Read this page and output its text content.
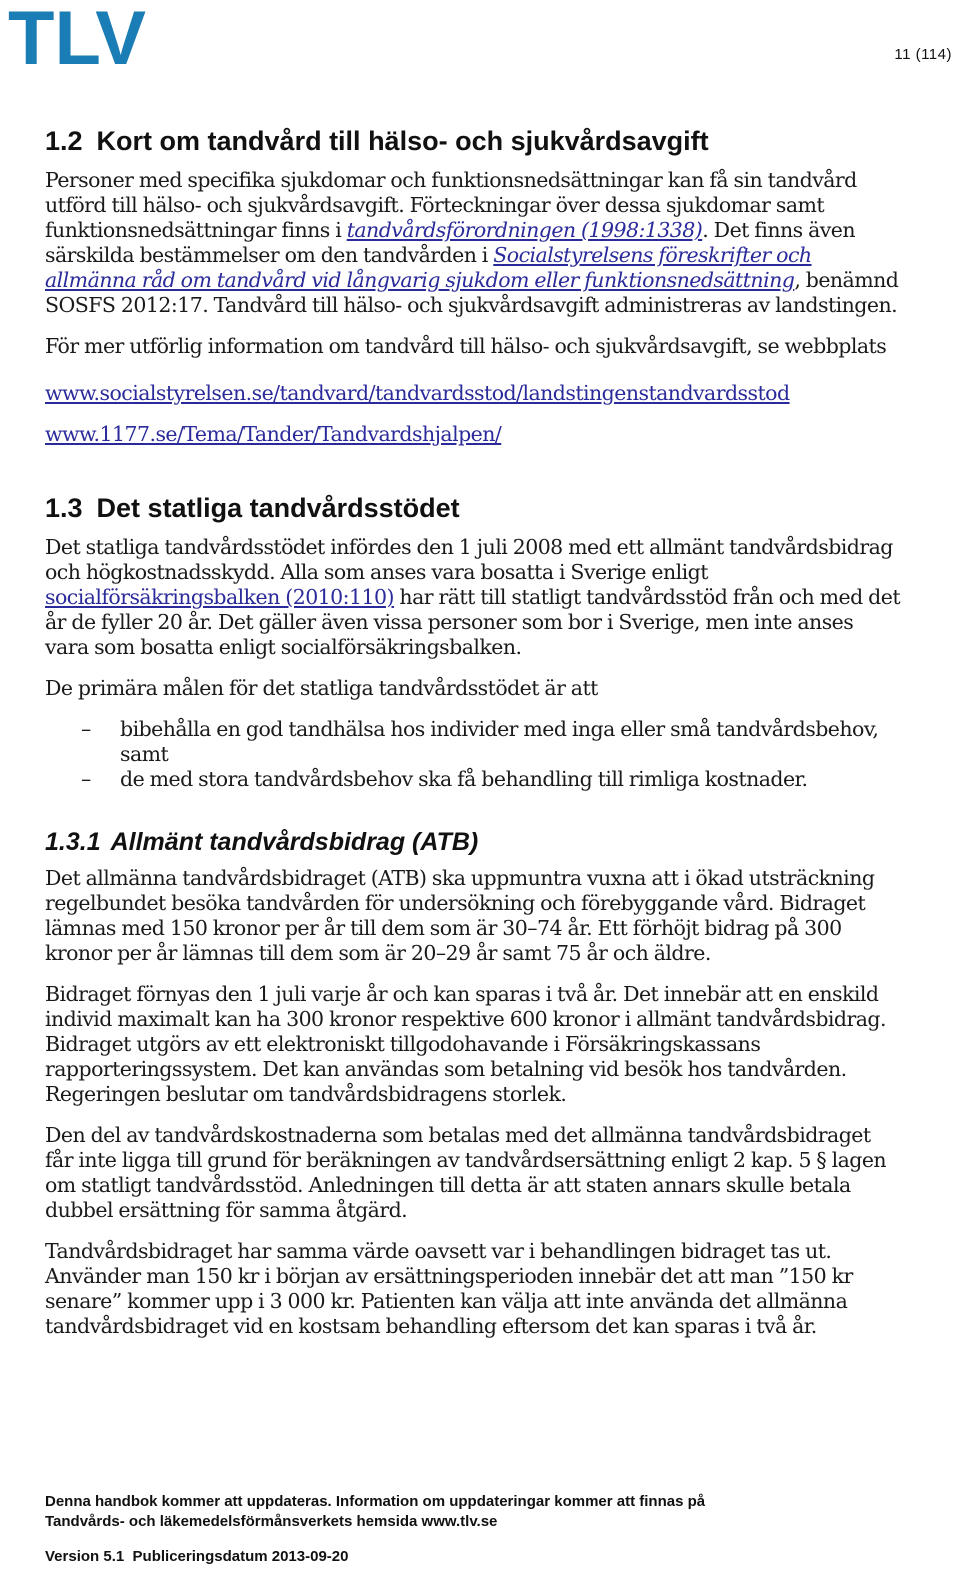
TLV	11 (114)
1.2 Kort om tandvård till hälso- och sjukvårdsavgift

Personer med specifika sjukdomar och funktionsnedsättningar kan få sin tandvård utförd till hälso- och sjukvårdsavgift. Förteckningar över dessa sjukdomar samt funktionsnedsättningar finns i tandvårdsförordningen (1998:1338). Det finns även särskilda bestämmelser om den tandvården i Socialstyrelsens föreskrifter och allmänna råd om tandvård vid långvarig sjukdom eller funktionsnedsättning, benämnd SOSFS 2012:17. Tandvård till hälso- och sjukvårdsavgift administreras av landstingen.

För mer utförlig information om tandvård till hälso- och sjukvårdsavgift, se webbplats

www.socialstyrelsen.se/tandvard/tandvardsstod/landstingenstandvardsstod

www.1177.se/Tema/Tander/Tandvardshjalpen/

1.3 Det statliga tandvårdsstödet

Det statliga tandvårdsstödet infördes den 1 juli 2008 med ett allmänt tandvårdsbidrag och högkostnadsskydd. Alla som anses vara bosatta i Sverige enligt socialförsäkringsbalken (2010:110) har rätt till statligt tandvårdsstöd från och med det år de fyller 20 år. Det gäller även vissa personer som bor i Sverige, men inte anses vara som bosatta enligt socialförsäkringsbalken.

De primära målen för det statliga tandvårdsstödet är att

– bibehålla en god tandhälsa hos individer med inga eller små tandvårdsbehov, samt
– de med stora tandvårdsbehov ska få behandling till rimliga kostnader.
1.3.1 Allmänt tandvårdsbidrag (ATB)

Det allmänna tandvårdsbidraget (ATB) ska uppmuntra vuxna att i ökad utsträckning regelbundet besöka tandvården för undersökning och förebyggande vård. Bidraget lämnas med 150 kronor per år till dem som är 30–74 år. Ett förhöjt bidrag på 300 kronor per år lämnas till dem som är 20–29 år samt 75 år och äldre.

Bidraget förnyas den 1 juli varje år och kan sparas i två år. Det innebär att en enskild individ maximalt kan ha 300 kronor respektive 600 kronor i allmänt tandvårdsbidrag. Bidraget utgörs av ett elektroniskt tillgodohavande i Försäkringskassans rapporteringssystem. Det kan användas som betalning vid besök hos tandvården. Regeringen beslutar om tandvårdsbidragens storlek.

Den del av tandvårdskostnaderna som betalas med det allmänna tandvårdsbidraget får inte ligga till grund för beräkningen av tandvårdsersättning enligt 2 kap. 5 § lagen om statligt tandvårdsstöd. Anledningen till detta är att staten annars skulle betala dubbel ersättning för samma åtgärd.

Tandvårdsbidraget har samma värde oavsett var i behandlingen bidraget tas ut. Använder man 150 kr i början av ersättningsperioden innebär det att man ”150 kr senare” kommer upp i 3 000 kr. Patienten kan välja att inte använda det allmänna tandvårdsbidraget vid en kostsam behandling eftersom det kan sparas i två år.

Denna handbok kommer att uppdateras. Information om uppdateringar kommer att finnas på
Tandvårds- och läkemedelsförmånsverkets hemsida www.tlv.se
Version 5.1  Publiceringsdatum 2013-09-20
